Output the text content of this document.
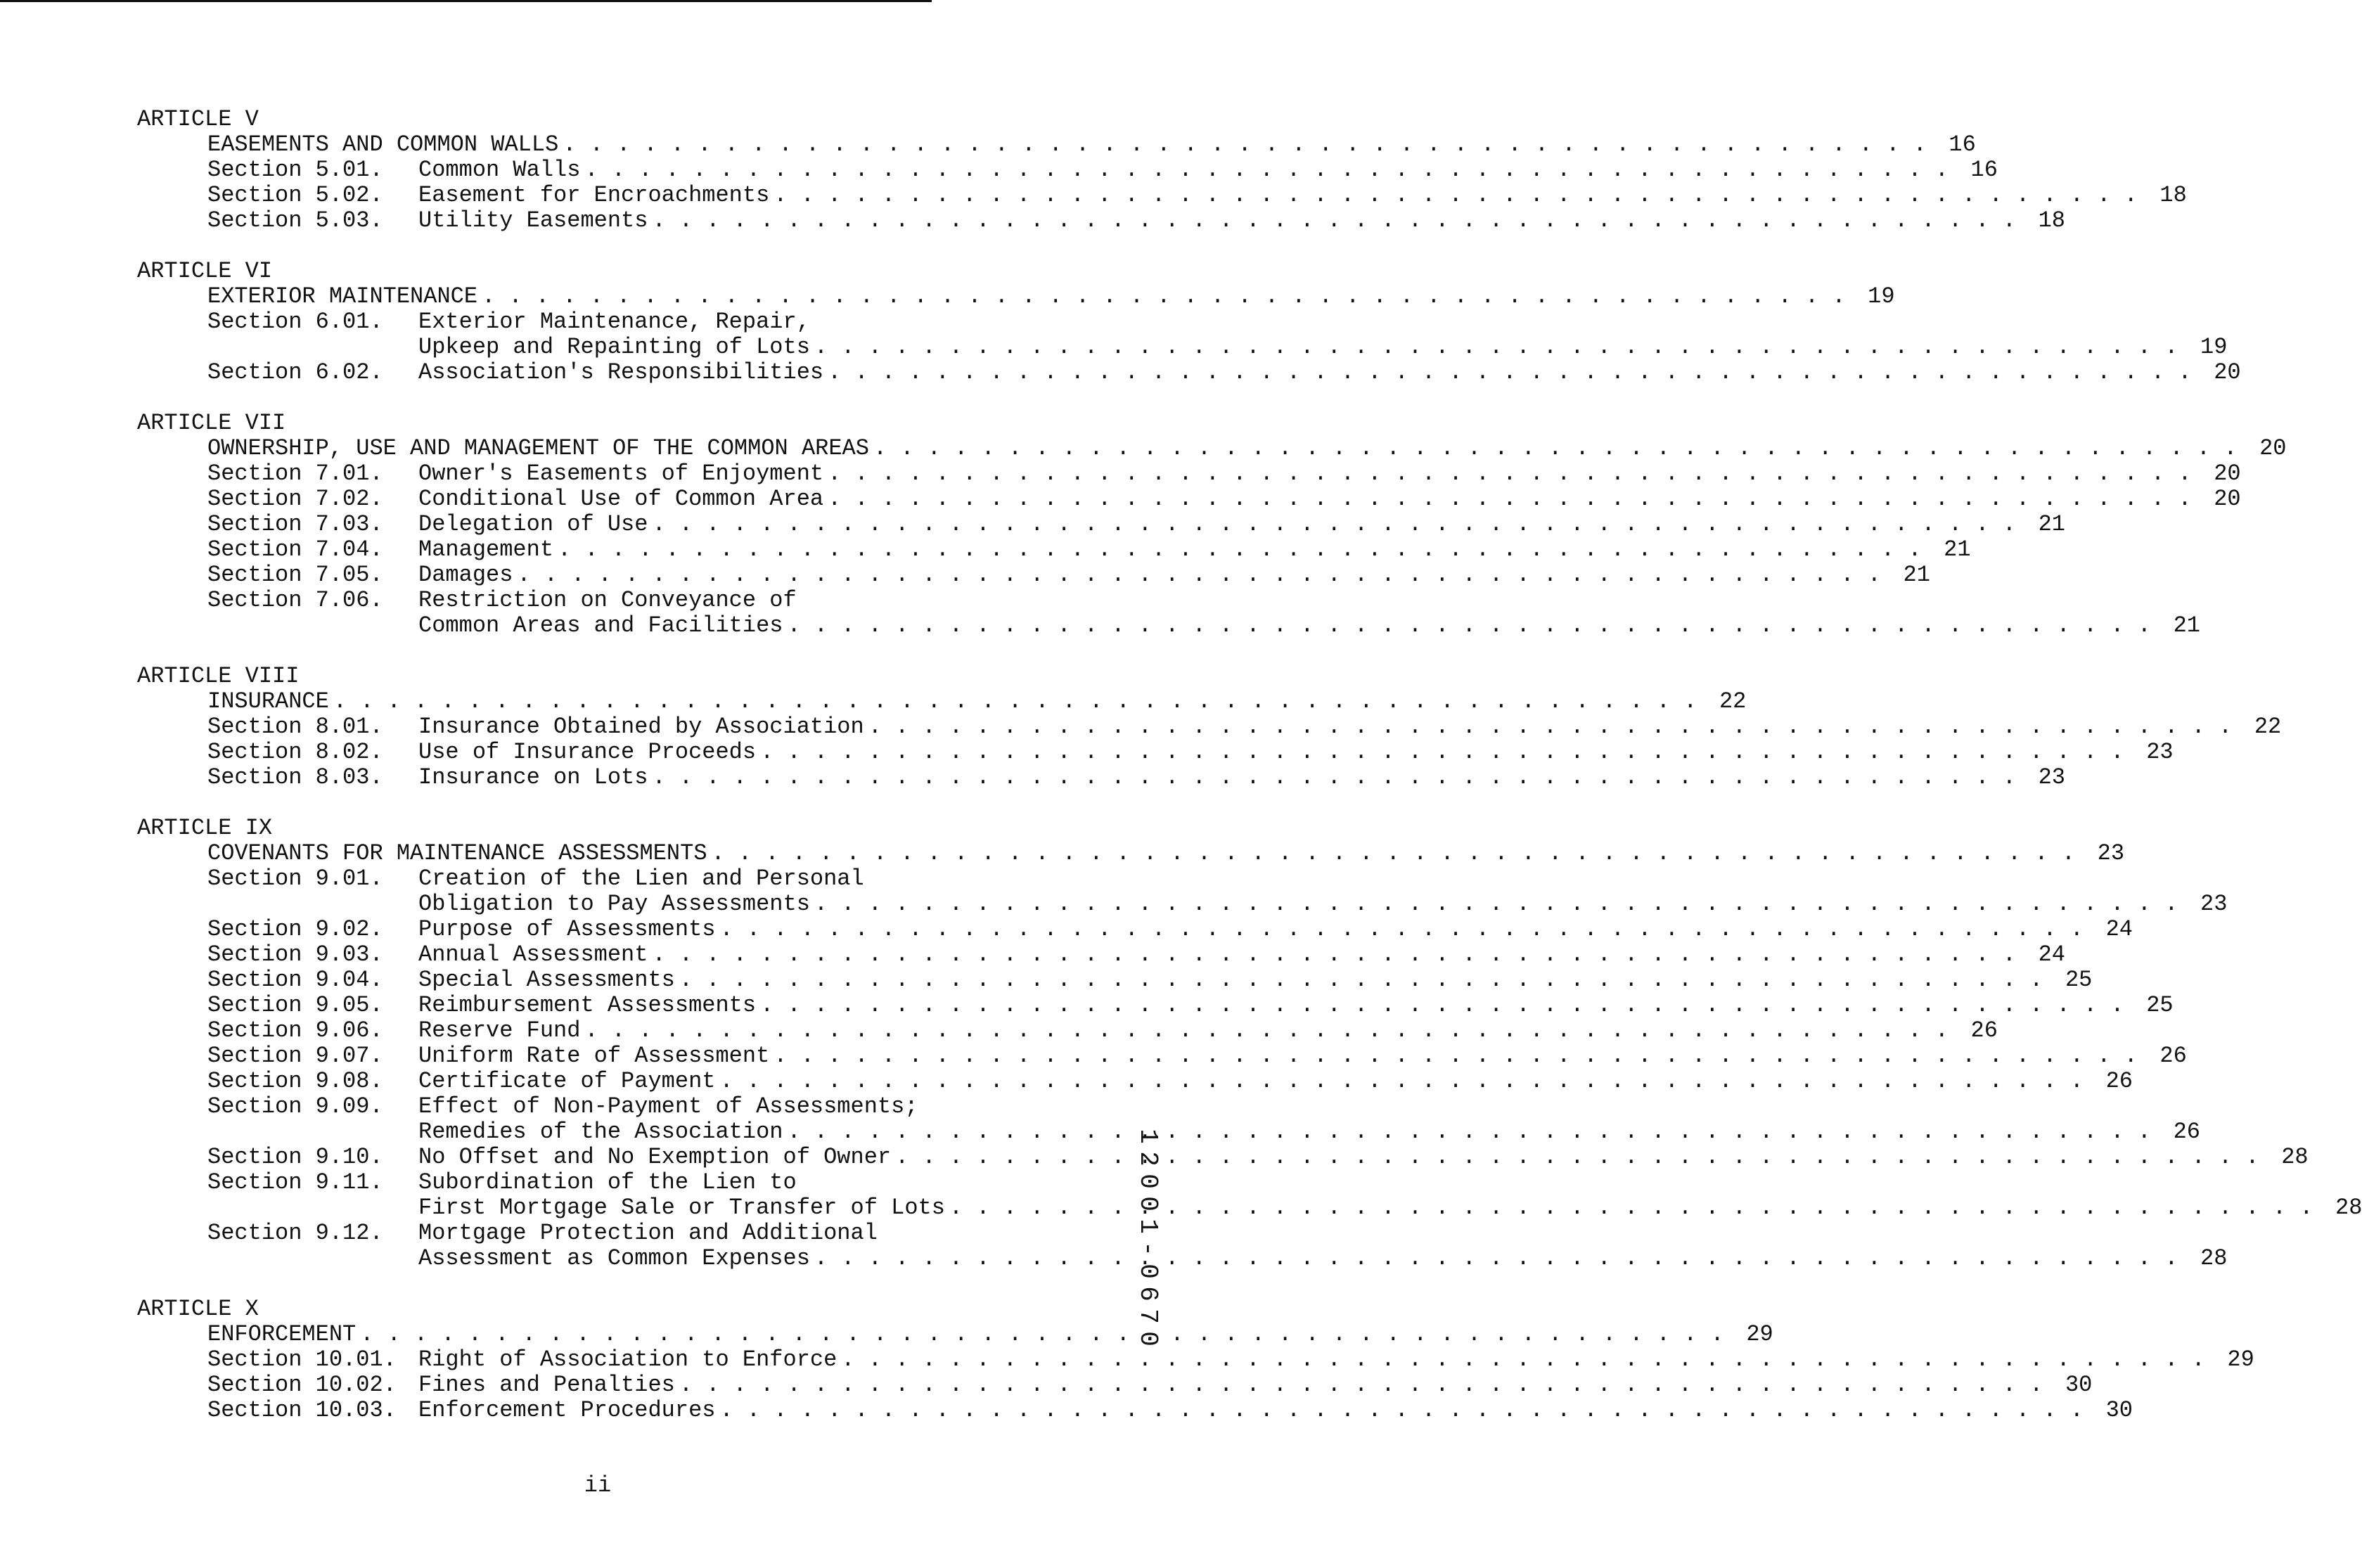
ARTICLE V
EASEMENTS AND COMMON WALLS . . .	16
Section 5.01.	Common Walls . . .	16
Section 5.02.	Easement for Encroachments . . .	18
Section 5.03.	Utility Easements . . .	18
ARTICLE VI
EXTERIOR MAINTENANCE . . .	19
Section 6.01.	Exterior Maintenance, Repair,
Upkeep and Repainting of Lots . . .	19
Section 6.02.	Association's Responsibilities . . .	20
ARTICLE VII
OWNERSHIP, USE AND MANAGEMENT OF THE COMMON AREAS . . .	20
Section 7.01.	Owner's Easements of Enjoyment . . .	20
Section 7.02.	Conditional Use of Common Area . . .	20
Section 7.03.	Delegation of Use . . .	21
Section 7.04.	Management . . .	21
Section 7.05.	Damages . . .	21
Section 7.06.	Restriction on Conveyance of
Common Areas and Facilities . . .	21
ARTICLE VIII
INSURANCE . . .	22
Section 8.01.	Insurance Obtained by Association . . .	22
Section 8.02.	Use of Insurance Proceeds . . .	23
Section 8.03.	Insurance on Lots . . .	23
ARTICLE IX
COVENANTS FOR MAINTENANCE ASSESSMENTS . . .	23
Section 9.01.	Creation of the Lien and Personal
Obligation to Pay Assessments . . .	23
Section 9.02.	Purpose of Assessments . . .	24
Section 9.03.	Annual Assessment . . .	24
Section 9.04.	Special Assessments . . .	25
Section 9.05.	Reimbursement Assessments . . .	25
Section 9.06.	Reserve Fund . . .	26
Section 9.07.	Uniform Rate of Assessment . . .	26
Section 9.08.	Certificate of Payment . . .	26
Section 9.09.	Effect of Non-Payment of Assessments;
Remedies of the Association . . .	26
Section 9.10.	No Offset and No Exemption of Owner . . .	28
Section 9.11.	Subordination of the Lien to
First Mortgage Sale or Transfer of Lots . . .	28
Section 9.12.	Mortgage Protection and Additional
Assessment as Common Expenses . . .	28
ARTICLE X
ENFORCEMENT . . .	29
Section 10.01. Right of Association to Enforce . . .	29
Section 10.02. Fines and Penalties . . .	30
Section 10.03. Enforcement Procedures . . .	30
1
2
0
0
1
-
0
6
7
0
ii
